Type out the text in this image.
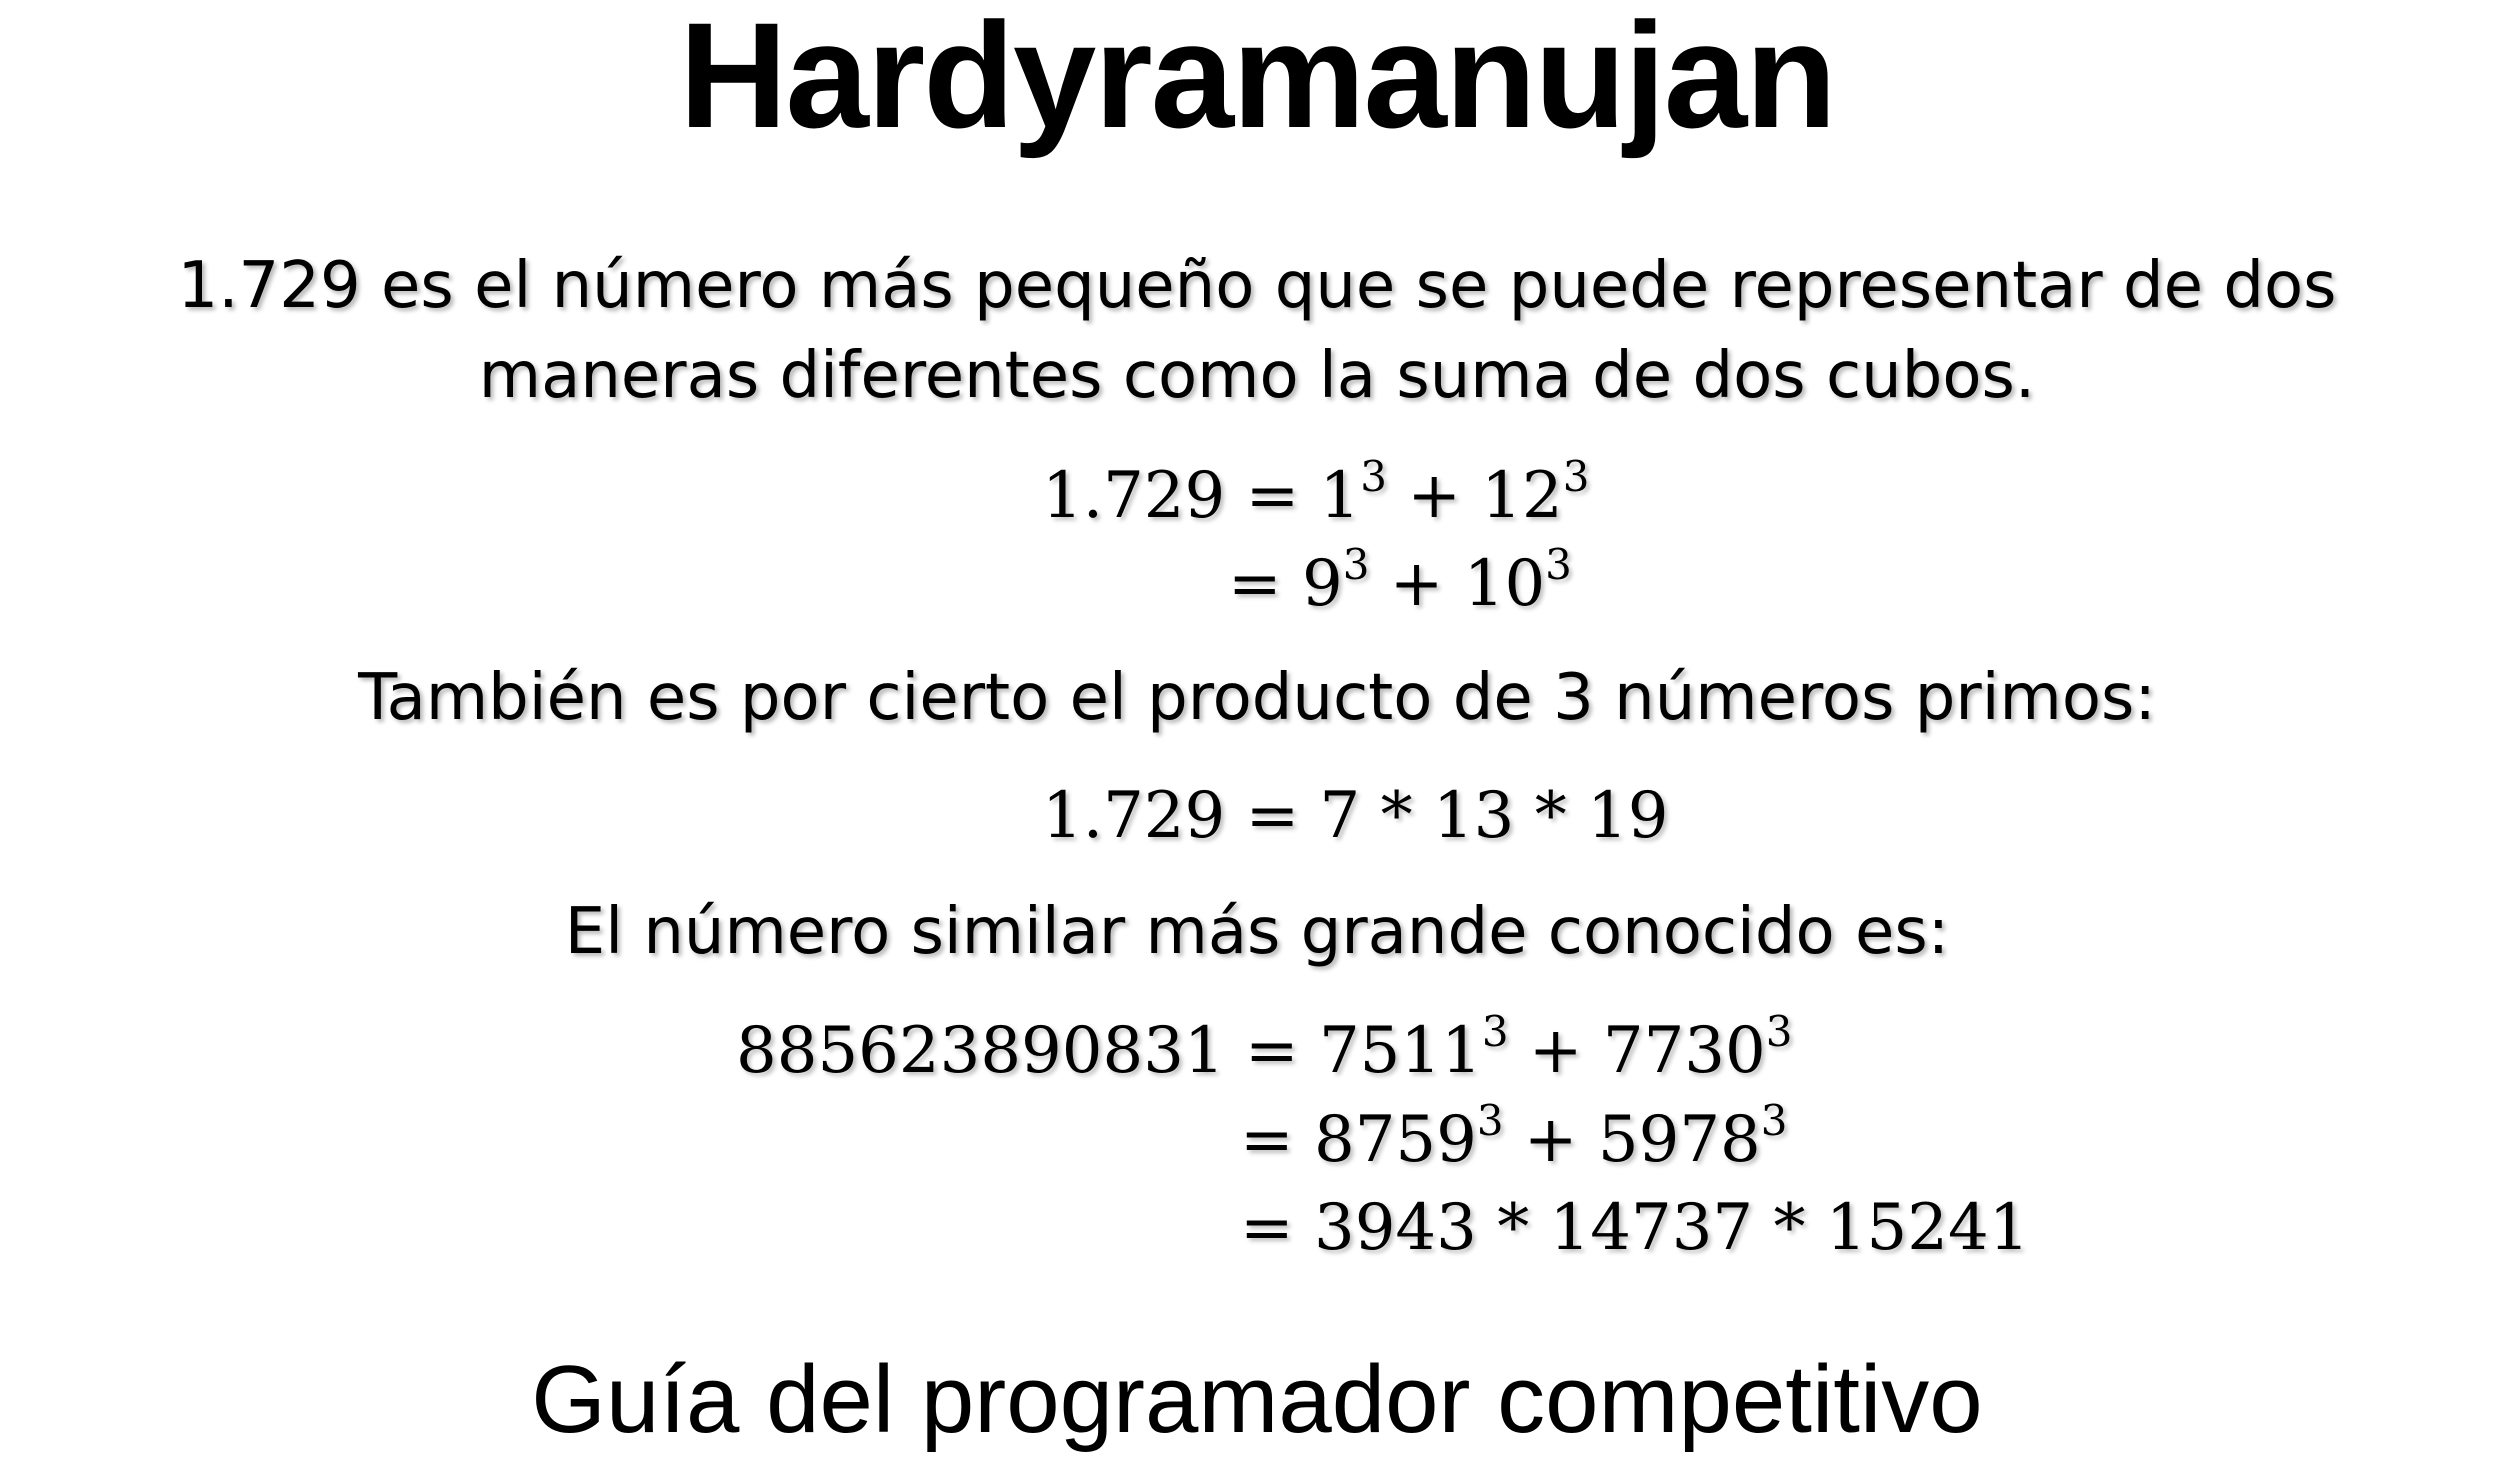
Hardyramanujan
1.729 es el número más pequeño que se puede representar de dos
maneras diferentes como la suma de dos cubos.
$1.729 = 1^3 + 12^3$
= $9^3 + 10^3$
También es por cierto el producto de 3 números primos:
1.729 = 7 * 13 * 19
El número similar más grande conocido es:
$885623890831 = 7511^3 + 7730^3$
= $8759^3 + 5978^3$
= 3943 * 14737 * 15241
Guía del programador competitivo
